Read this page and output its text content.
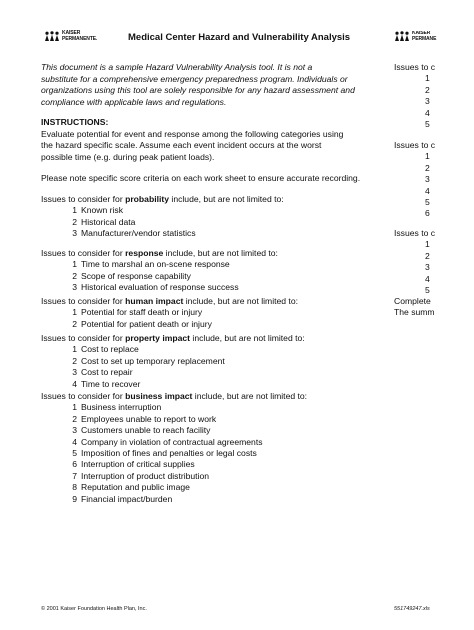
KAISER
PERMANENTE.	Medical Center Hazard and Vulnerability Analysis	KAISER
PERMANE
This document is a sample Hazard Vulnerability Analysis tool. It is not a
substitute for a comprehensive emergency preparedness program. Individuals or
organizations using this tool are solely responsible for any hazard assessment and
compliance with applicable laws and regulations.
INSTRUCTIONS:
Evaluate potential for event and response among the following categories using
the hazard specific scale. Assume each event incident occurs at the worst
possible time (e.g. during peak patient loads).
Please note specific score criteria on each work sheet to ensure accurate recording.
Issues to consider for probability include, but are not limited to:
1 Known risk
2 Historical data
3 Manufacturer/vendor statistics
Issues to consider for response include, but are not limited to:
1 Time to marshal an on-scene response
2 Scope of response capability
3 Historical evaluation of response success
Issues to consider for human impact include, but are not limited to:
1 Potential for staff death or injury
2 Potential for patient death or injury
Issues to consider for property impact include, but are not limited to:
1 Cost to replace
2 Cost to set up temporary replacement
3 Cost to repair
4 Time to recover
Issues to consider for business impact include, but are not limited to:
1 Business interruption
2 Employees unable to report to work
3 Customers unable to reach facility
4 Company in violation of contractual agreements
5 Imposition of fines and penalties or legal costs
6 Interruption of critical supplies
7 Interruption of product distribution
8 Reputation and public image
9 Financial impact/burden
Issues to c
1
2
3
4
5
Issues to c
1
2
3
4
5
6
Issues to c
1
2
3
4
5
Complete
The summ
© 2001 Kaiser Foundation Health Plan, Inc.	551749247.xls
